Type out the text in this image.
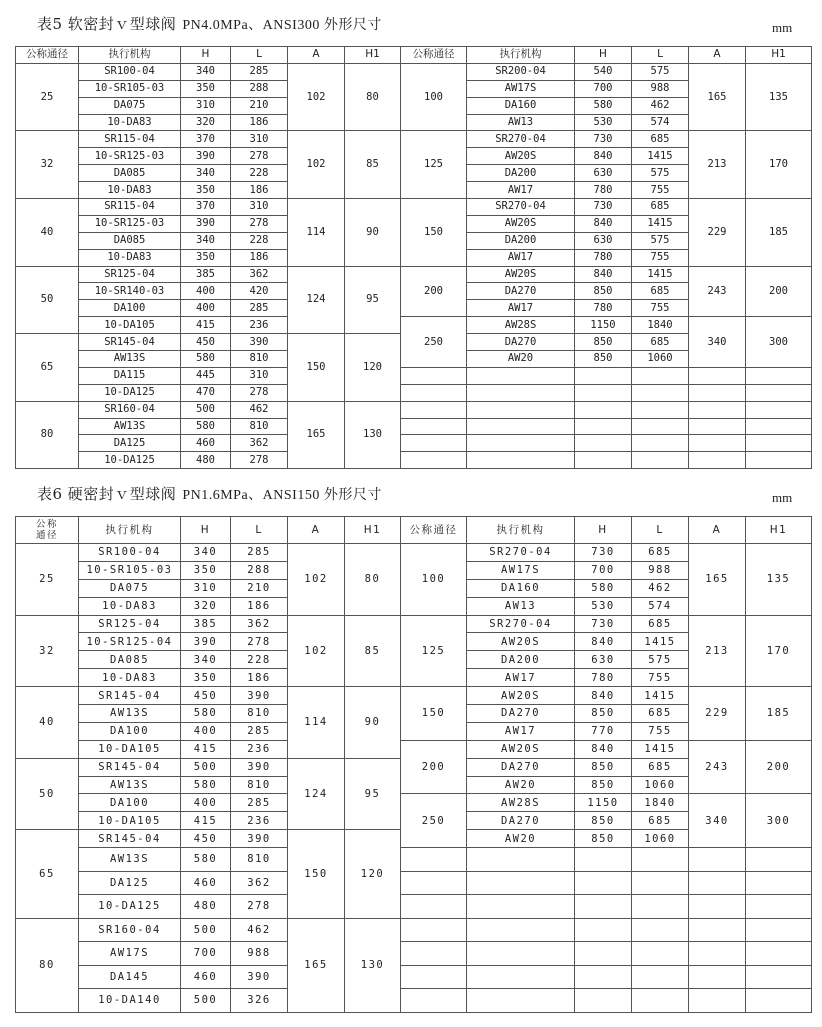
表5 软密封ｖ型球阀 PN4.0MPa、ANSI300 外形尺寸	mm
公称通径	执行机构	H	L	A	H1	公称通径	执行机构	H	L	A	H1
25	SR100-04	340	285	102	80	100	SR200-04	540	575	165	135
	10-SR105-03	350	288				AW17S	700	988		
	DA075	310	210				DA160	580	462		
	10-DA83	320	186				AW13	530	574		
32	SR115-04	370	310	102	85	125	SR270-04	730	685	213	170
	10-SR125-03	390	278				AW20S	840	1415		
	DA085	340	228				DA200	630	575		
	10-DA83	350	186				AW17	780	755		
40	SR115-04	370	310	114	90	150	SR270-04	730	685	229	185
	10-SR125-03	390	278				AW20S	840	1415		
	DA085	340	228				DA200	630	575		
	10-DA83	350	186				AW17	780	755		
50	SR125-04	385	362	124	95	200	AW20S	840	1415	243	200
	10-SR140-03	400	420				DA270	850	685		
	DA100	400	285				AW17	780	755		
	10-DA105	415	236			250	AW28S	1150	1840	340	300
65	SR145-04	450	390	150	120		DA270	850	685		
	AW13S	580	810				AW20	850	1060		
	DA115	445	310								
	10-DA125	470	278								
80	SR160-04	500	462	165	130						
	AW13S	580	810								
	DA125	460	362								
	10-DA125	480	278								
表6 硬密封ｖ型球阀 PN1.6MPa、ANSI150 外形尺寸	mm
公称
通径	执行机构	H	L	A	H1	公称通径	执行机构	H	L	A	H1
25	SR100-04	340	285	102	80	100	SR270-04	730	685	165	135
	10-SR105-03	350	288				AW17S	700	988		
	DA075	310	210				DA160	580	462		
	10-DA83	320	186				AW13	530	574		
32	SR125-04	385	362	102	85	125	SR270-04	730	685	213	170
	10-SR125-04	390	278				AW20S	840	1415		
	DA085	340	228				DA200	630	575		
	10-DA83	350	186				AW17	780	755		
40	SR145-04	450	390	114	90	150	AW20S	840	1415	229	185
	AW13S	580	810				DA270	850	685		
	DA100	400	285				AW17	770	755		
	10-DA105	415	236			200	AW20S	840	1415	243	200
50	SR145-04	500	390	124	95		DA270	850	685		
	AW13S	580	810				AW20	850	1060		
	DA100	400	285			250	AW28S	1150	1840	340	300
	10-DA105	415	236				DA270	850	685		
65	SR145-04	450	390	150	120		AW20	850	1060		
	AW13S	580	810								
	DA125	460	362								
	10-DA125	480	278								
80	SR160-04	500	462	165	130						
	AW17S	700	988								
	DA145	460	390								
	10-DA140	500	326								
